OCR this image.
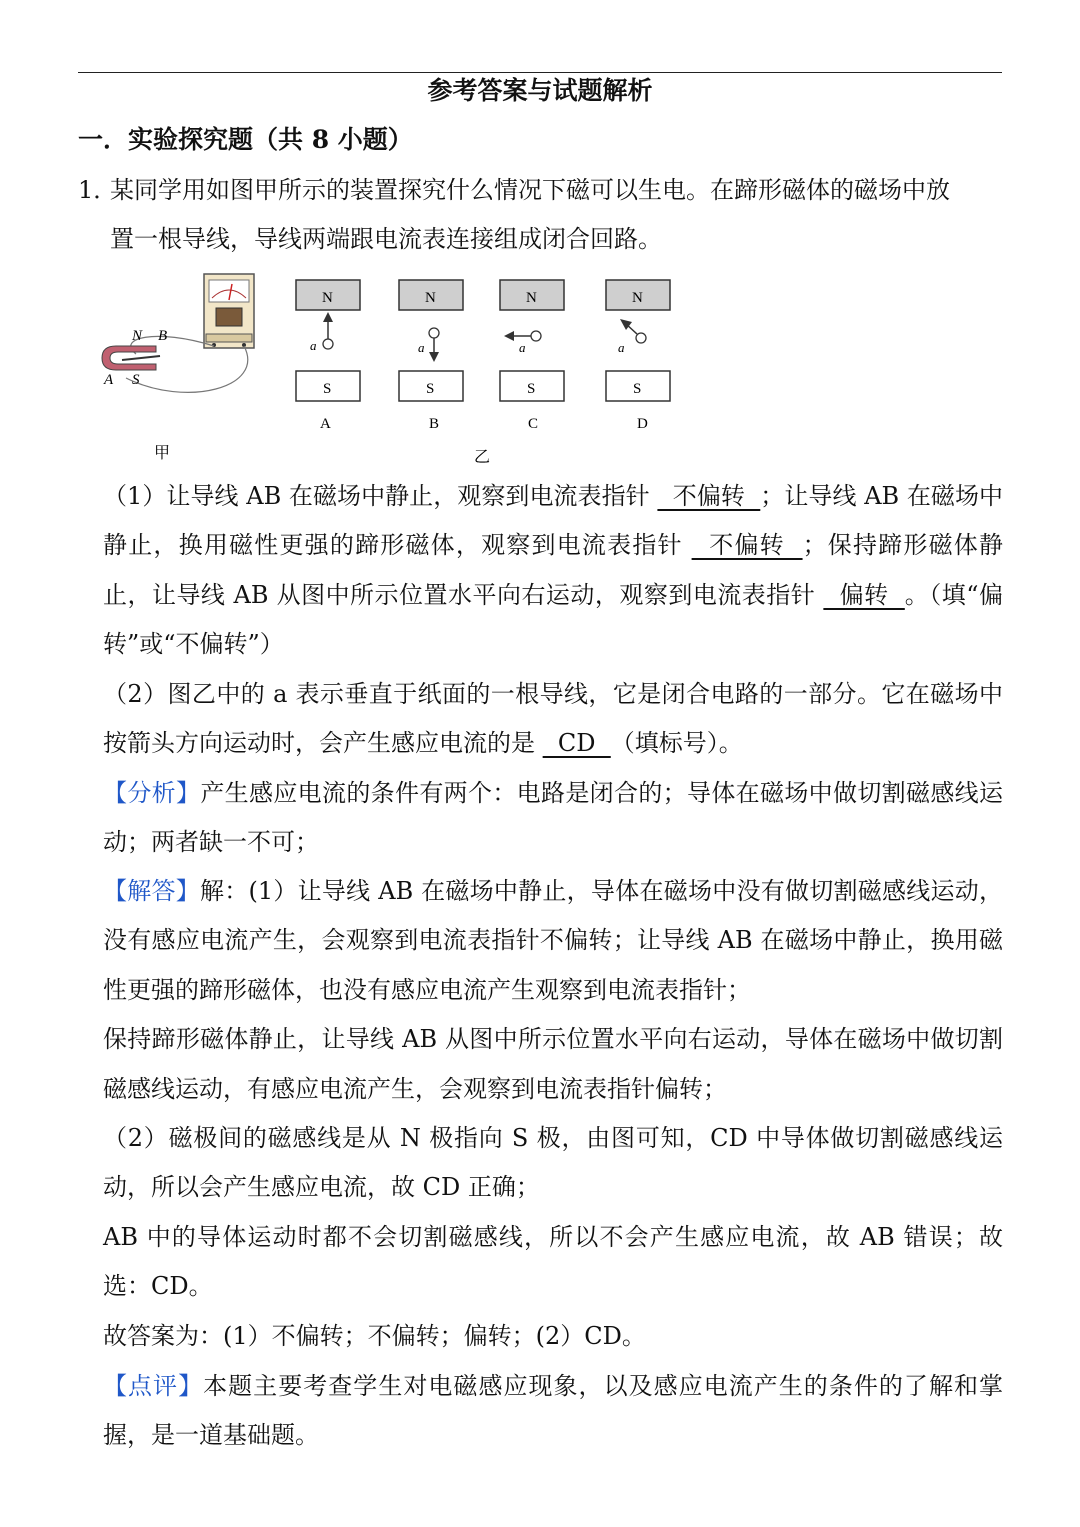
参考答案与试题解析
一．实验探究题（共 8 小题）
1．某同学用如图甲所示的装置探究什么情况下磁可以生电。在蹄形磁体的磁场中放
置一根导线，导线两端跟电流表连接组成闭合回路。
N B
A S
甲
N
S
a
A
N
S
a
B
N
S
a
C
N
S
a
D
乙
（1）让导线 AB 在磁场中静止，观察到电流表指针   不偏转  ；让导线 AB 在磁场中静止，换用磁性更强的蹄形磁体，观察到电流表指针   不偏转  ；保持蹄形磁体静止，让导线 AB 从图中所示位置水平向右运动，观察到电流表指针   偏转  。（填“偏转”或“不偏转”）
（2）图乙中的 a 表示垂直于纸面的一根导线，它是闭合电路的一部分。它在磁场中按箭头方向运动时，会产生感应电流的是   CD  （填标号）。
【分析】产生感应电流的条件有两个：电路是闭合的；导体在磁场中做切割磁感线运动；两者缺一不可；
【解答】解：(1）让导线 AB 在磁场中静止，导体在磁场中没有做切割磁感线运动，没有感应电流产生，会观察到电流表指针不偏转；让导线 AB 在磁场中静止，换用磁性更强的蹄形磁体，也没有感应电流产生观察到电流表指针；
保持蹄形磁体静止，让导线 AB 从图中所示位置水平向右运动，导体在磁场中做切割磁感线运动，有感应电流产生，会观察到电流表指针偏转；
（2）磁极间的磁感线是从 N 极指向 S 极，由图可知，CD 中导体做切割磁感线运动，所以会产生感应电流，故 CD 正确；
AB 中的导体运动时都不会切割磁感线，所以不会产生感应电流，故 AB 错误；故选：CD。
故答案为：(1）不偏转；不偏转；偏转；(2）CD。
【点评】本题主要考查学生对电磁感应现象，以及感应电流产生的条件的了解和掌握，是一道基础题。
